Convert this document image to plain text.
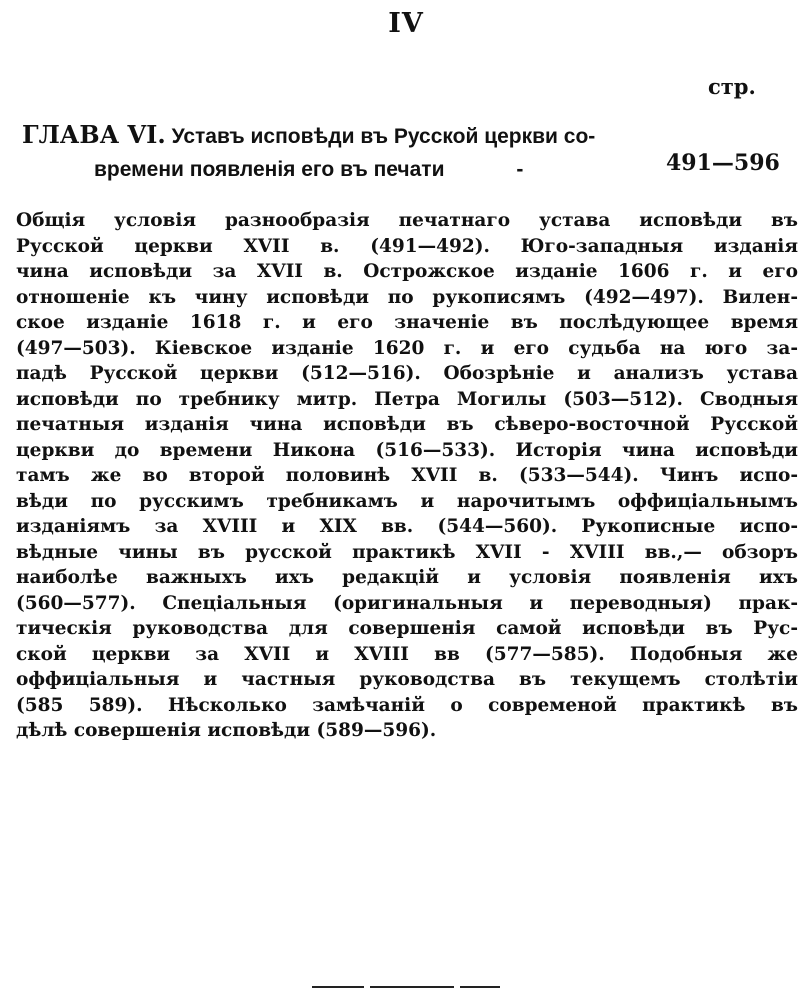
IV
стр.
ГЛАВА VI. Уставъ исповѣди въ Русской церкви со-
времени появленія его въ печати	-	491—596
Общія условія разнообразія печатнаго устава исповѣди въ
Русской церкви XVII в. (491—492). Юго-западныя изданія
чина исповѣди за XVII в. Острожское изданіе 1606 г. и его
отношеніе къ чину исповѣди по рукописямъ (492—497). Вилен-
ское изданіе 1618 г. и его значеніе въ послѣдующее время
(497—503). Кіевское изданіе 1620 г. и его судьба на юго за-
падѣ Русской церкви (512—516). Обозрѣніе и анализъ устава
исповѣди по требнику митр. Петра Могилы (503—512). Сводныя
печатныя изданія чина исповѣди въ сѣверо-восточной Русской
церкви до времени Никона (516—533). Исторія чина исповѣди
тамъ же во второй половинѣ XVII в. (533—544). Чинъ испо-
вѣди по русскимъ требникамъ и нарочитымъ оффиціальнымъ
изданіямъ за XVIII и XIX вв. (544—560). Рукописные испо-
вѣдные чины въ русской практикѣ XVII - XVIII вв.,— обзоръ
наиболѣе важныхъ ихъ редакцій и условія появленія ихъ
(560—577). Спеціальныя (оригинальныя и переводныя) прак-
тическія руководства для совершенія самой исповѣди въ Рус-
ской церкви за XVII и XVIII вв (577—585). Подобныя же
оффиціальныя и частныя руководства въ текущемъ столѣтіи
(585 589). Нѣсколько замѣчаній о современой практикѣ въ
дѣлѣ совершенія исповѣди (589—596).
